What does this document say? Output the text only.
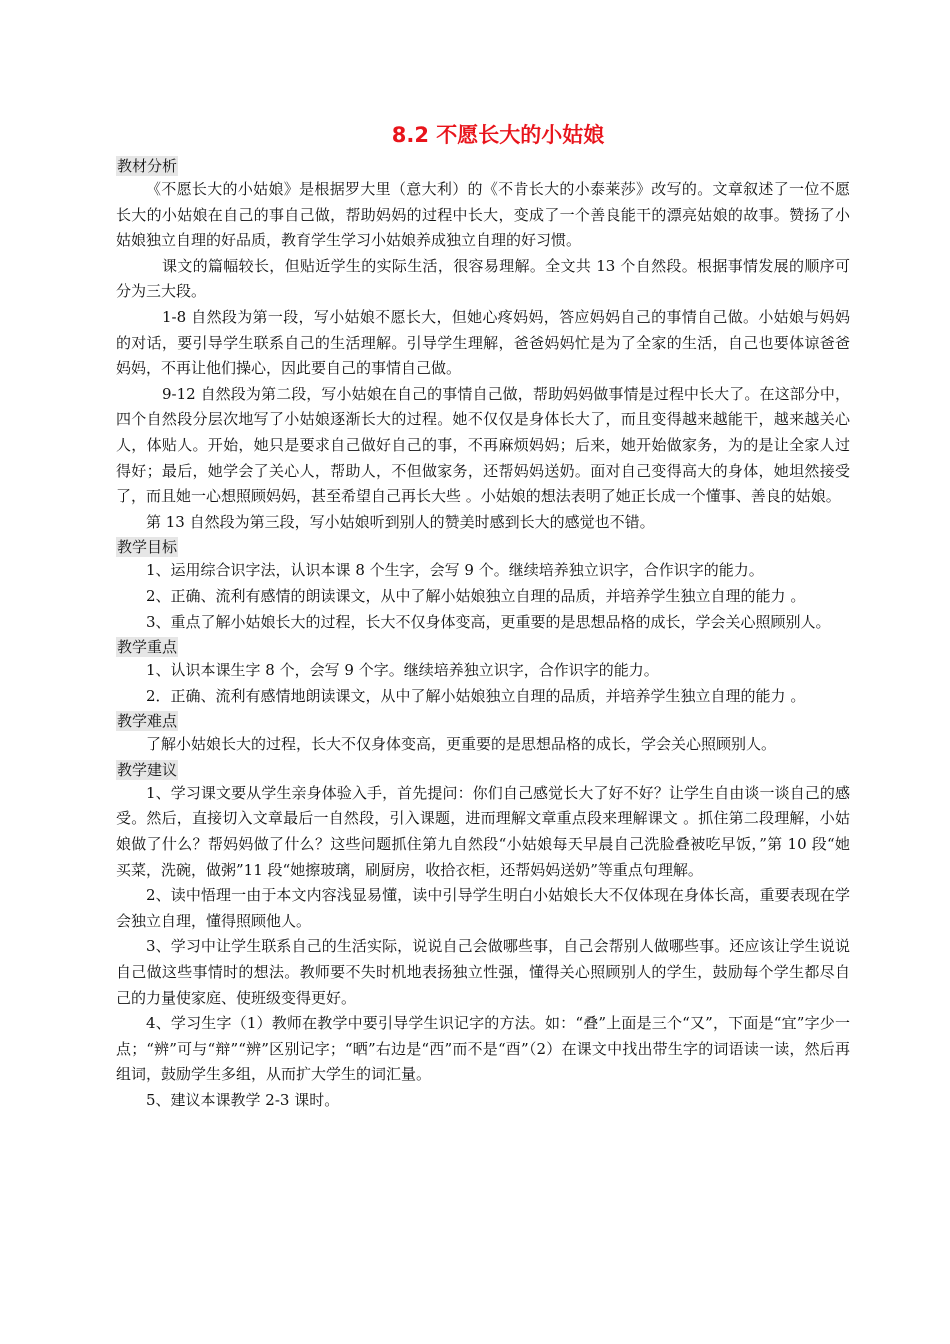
8.2 不愿长大的小姑娘
教材分析

《不愿长大的小姑娘》是根据罗大里（意大利）的《不肯长大的小泰莱莎》改写的。文章叙述了一位不愿长大的小姑娘在自己的事自己做，帮助妈妈的过程中长大，变成了一个善良能干的漂亮姑娘的故事。赞扬了小姑娘独立自理的好品质，教育学生学习小姑娘养成独立自理的好习惯。

课文的篇幅较长，但贴近学生的实际生活，很容易理解。全文共 13 个自然段。根据事情发展的顺序可分为三大段。

1-8 自然段为第一段，写小姑娘不愿长大，但她心疼妈妈，答应妈妈自己的事情自己做。小姑娘与妈妈的对话，要引导学生联系自己的生活理解。引导学生理解，爸爸妈妈忙是为了全家的生活，自己也要体谅爸爸妈妈，不再让他们操心，因此要自己的事情自己做。

9-12 自然段为第二段，写小姑娘在自己的事情自己做，帮助妈妈做事情是过程中长大了。在这部分中，四个自然段分层次地写了小姑娘逐渐长大的过程。她不仅仅是身体长大了，而且变得越来越能干，越来越关心人，体贴人。开始，她只是要求自己做好自己的事，不再麻烦妈妈；后来，她开始做家务，为的是让全家人过得好；最后，她学会了关心人，帮助人，不但做家务，还帮妈妈送奶。面对自己变得高大的身体，她坦然接受了，而且她一心想照顾妈妈，甚至希望自己再长大些 。小姑娘的想法表明了她正长成一个懂事、善良的姑娘。

第 13 自然段为第三段，写小姑娘听到别人的赞美时感到长大的感觉也不错。

教学目标

1、运用综合识字法，认识本课 8 个生字，会写 9 个。继续培养独立识字，合作识字的能力。

2、正确、流利有感情的朗读课文，从中了解小姑娘独立自理的品质，并培养学生独立自理的能力 。

3、重点了解小姑娘长大的过程，长大不仅身体变高，更重要的是思想品格的成长，学会关心照顾别人。

教学重点

1、认识本课生字 8 个，会写 9 个字。继续培养独立识字，合作识字的能力。

2．正确、流利有感情地朗读课文，从中了解小姑娘独立自理的品质，并培养学生独立自理的能力 。

教学难点

了解小姑娘长大的过程，长大不仅身体变高，更重要的是思想品格的成长，学会关心照顾别人。

教学建议

1、学习课文要从学生亲身体验入手，首先提问：你们自己感觉长大了好不好？让学生自由谈一谈自己的感受。然后，直接切入文章最后一自然段，引入课题，进而理解文章重点段来理解课文 。抓住第二段理解，小姑娘做了什么？帮妈妈做了什么？这些问题抓住第九自然段“小姑娘每天早晨自己洗脸叠被吃早饭，”第 10 段“她买菜，洗碗，做粥”11 段“她擦玻璃，刷厨房，收拾衣柜，还帮妈妈送奶”等重点句理解。

2、读中悟理一由于本文内容浅显易懂，读中引导学生明白小姑娘长大不仅体现在身体长高，重要表现在学会独立自理，懂得照顾他人。

3、学习中让学生联系自己的生活实际，说说自己会做哪些事，自己会帮别人做哪些事。还应该让学生说说自己做这些事情时的想法。教师要不失时机地表扬独立性强，懂得关心照顾别人的学生，鼓励每个学生都尽自己的力量使家庭、使班级变得更好。

4、学习生字（1）教师在教学中要引导学生识记字的方法。如：“叠”上面是三个“又”，下面是“宜”字少一点；“辨”可与“辩”“辨”区别记字；“晒”右边是“西”而不是“酉”（2）在课文中找出带生字的词语读一读，然后再组词，鼓励学生多组，从而扩大学生的词汇量。

5、建议本课教学 2-3 课时。
